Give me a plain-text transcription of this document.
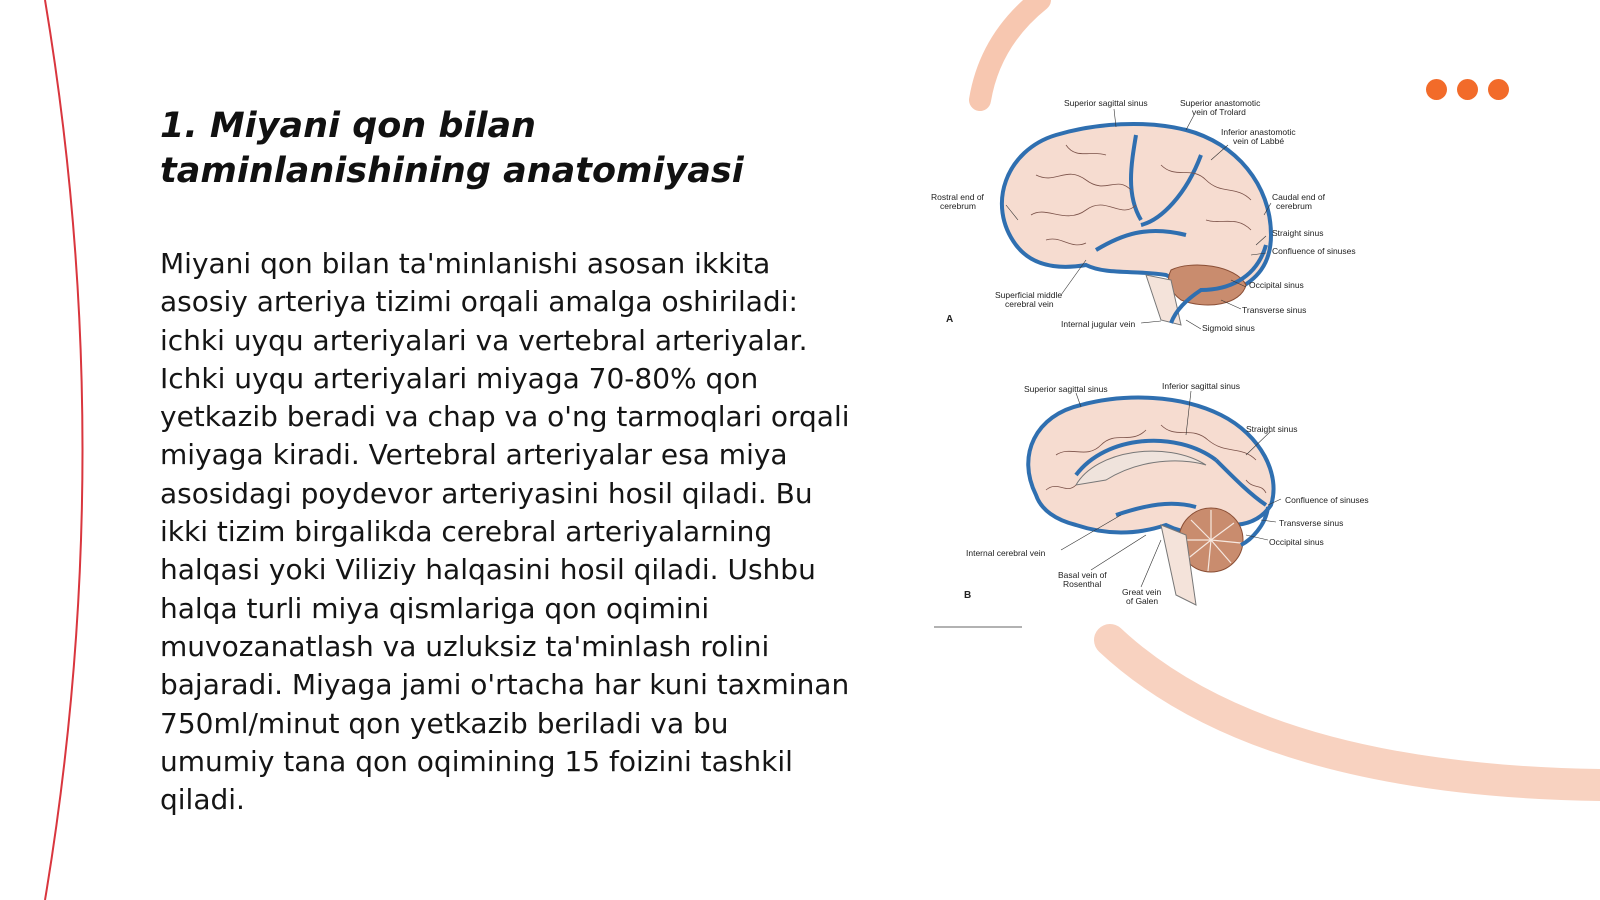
1. Miyani qon bilan taminlanishining anatomiyasi

Miyani qon bilan ta'minlanishi asosan ikkita asosiy arteriya tizimi orqali amalga oshiriladi: ichki uyqu arteriyalari va vertebral arteriyalar. Ichki uyqu arteriyalari miyaga 70-80% qon yetkazib beradi va chap va o'ng tarmoqlari orqali miyaga kiradi. Vertebral arteriyalar esa miya asosidagi poydevor arteriyasini hosil qiladi. Bu ikki tizim birgalikda cerebral arteriyalarning halqasi yoki Viliziy halqasini hosil qiladi. Ushbu halqa turli miya qismlariga qon oqimini muvozanatlash va uzluksiz ta'minlash rolini bajaradi. Miyaga jami o'rtacha har kuni taxminan 750ml/minut qon yetkazib beriladi va bu umumiy tana qon oqimining 15 foizini tashkil qiladi.

Superior sagittal sinus	Superior anastomotic
vein of Trolard
Inferior anastomotic
vein of Labbé
Rostral end of
cerebrum
Caudal end of
cerebrum
Straight sinus
Confluence of sinuses
Occipital sinus
Transverse sinus
Sigmoid sinus
Internal jugular vein
Superficial middle
cerebral vein
A
Superior sagittal sinus	Inferior sagittal sinus
Straight sinus
Confluence of sinuses
Transverse sinus
Occipital sinus
Internal cerebral vein
Basal vein of
Rosenthal
Great vein
of Galen
B
